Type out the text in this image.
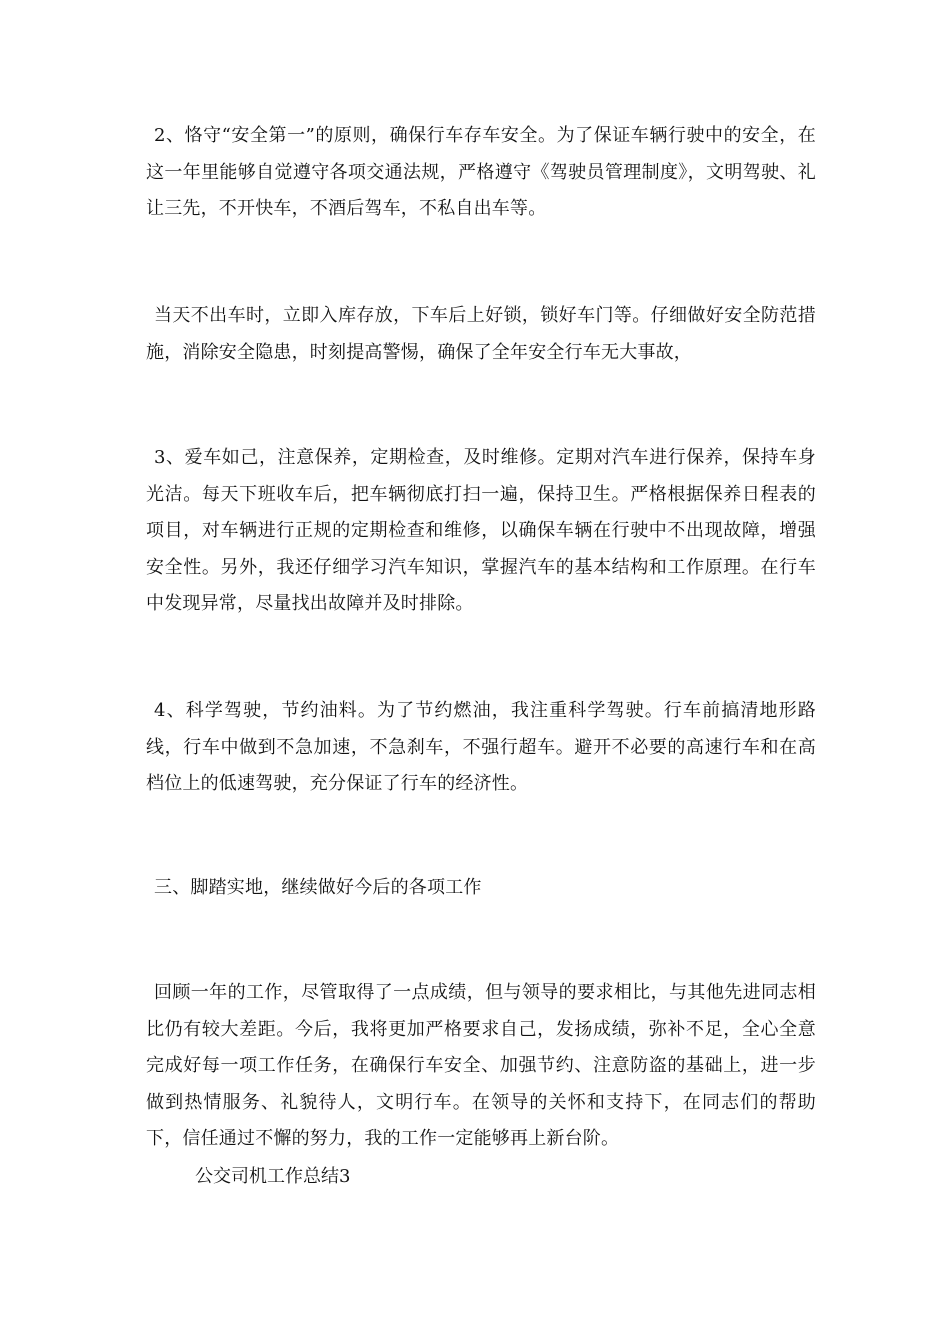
2、恪守“安全第一”的原则，确保行车存车安全。为了保证车辆行驶中的安全，在这一年里能够自觉遵守各项交通法规，严格遵守《驾驶员管理制度》，文明驾驶、礼让三先，不开快车，不酒后驾车，不私自出车等。

当天不出车时，立即入库存放，下车后上好锁，锁好车门等。仔细做好安全防范措施，消除安全隐患，时刻提高警惕，确保了全年安全行车无大事故，

3、爱车如己，注意保养，定期检查，及时维修。定期对汽车进行保养，保持车身光洁。每天下班收车后，把车辆彻底打扫一遍，保持卫生。严格根据保养日程表的项目，对车辆进行正规的定期检查和维修，以确保车辆在行驶中不出现故障，增强安全性。另外，我还仔细学习汽车知识，掌握汽车的基本结构和工作原理。在行车中发现异常，尽量找出故障并及时排除。

4、科学驾驶，节约油料。为了节约燃油，我注重科学驾驶。行车前搞清地形路线，行车中做到不急加速，不急刹车，不强行超车。避开不必要的高速行车和在高档位上的低速驾驶，充分保证了行车的经济性。

三、脚踏实地，继续做好今后的各项工作

回顾一年的工作，尽管取得了一点成绩，但与领导的要求相比，与其他先进同志相比仍有较大差距。今后，我将更加严格要求自己，发扬成绩，弥补不足，全心全意完成好每一项工作任务，在确保行车安全、加强节约、注意防盗的基础上，进一步做到热情服务、礼貌待人，文明行车。在领导的关怀和支持下，在同志们的帮助下，信任通过不懈的努力，我的工作一定能够再上新台阶。

公交司机工作总结3
